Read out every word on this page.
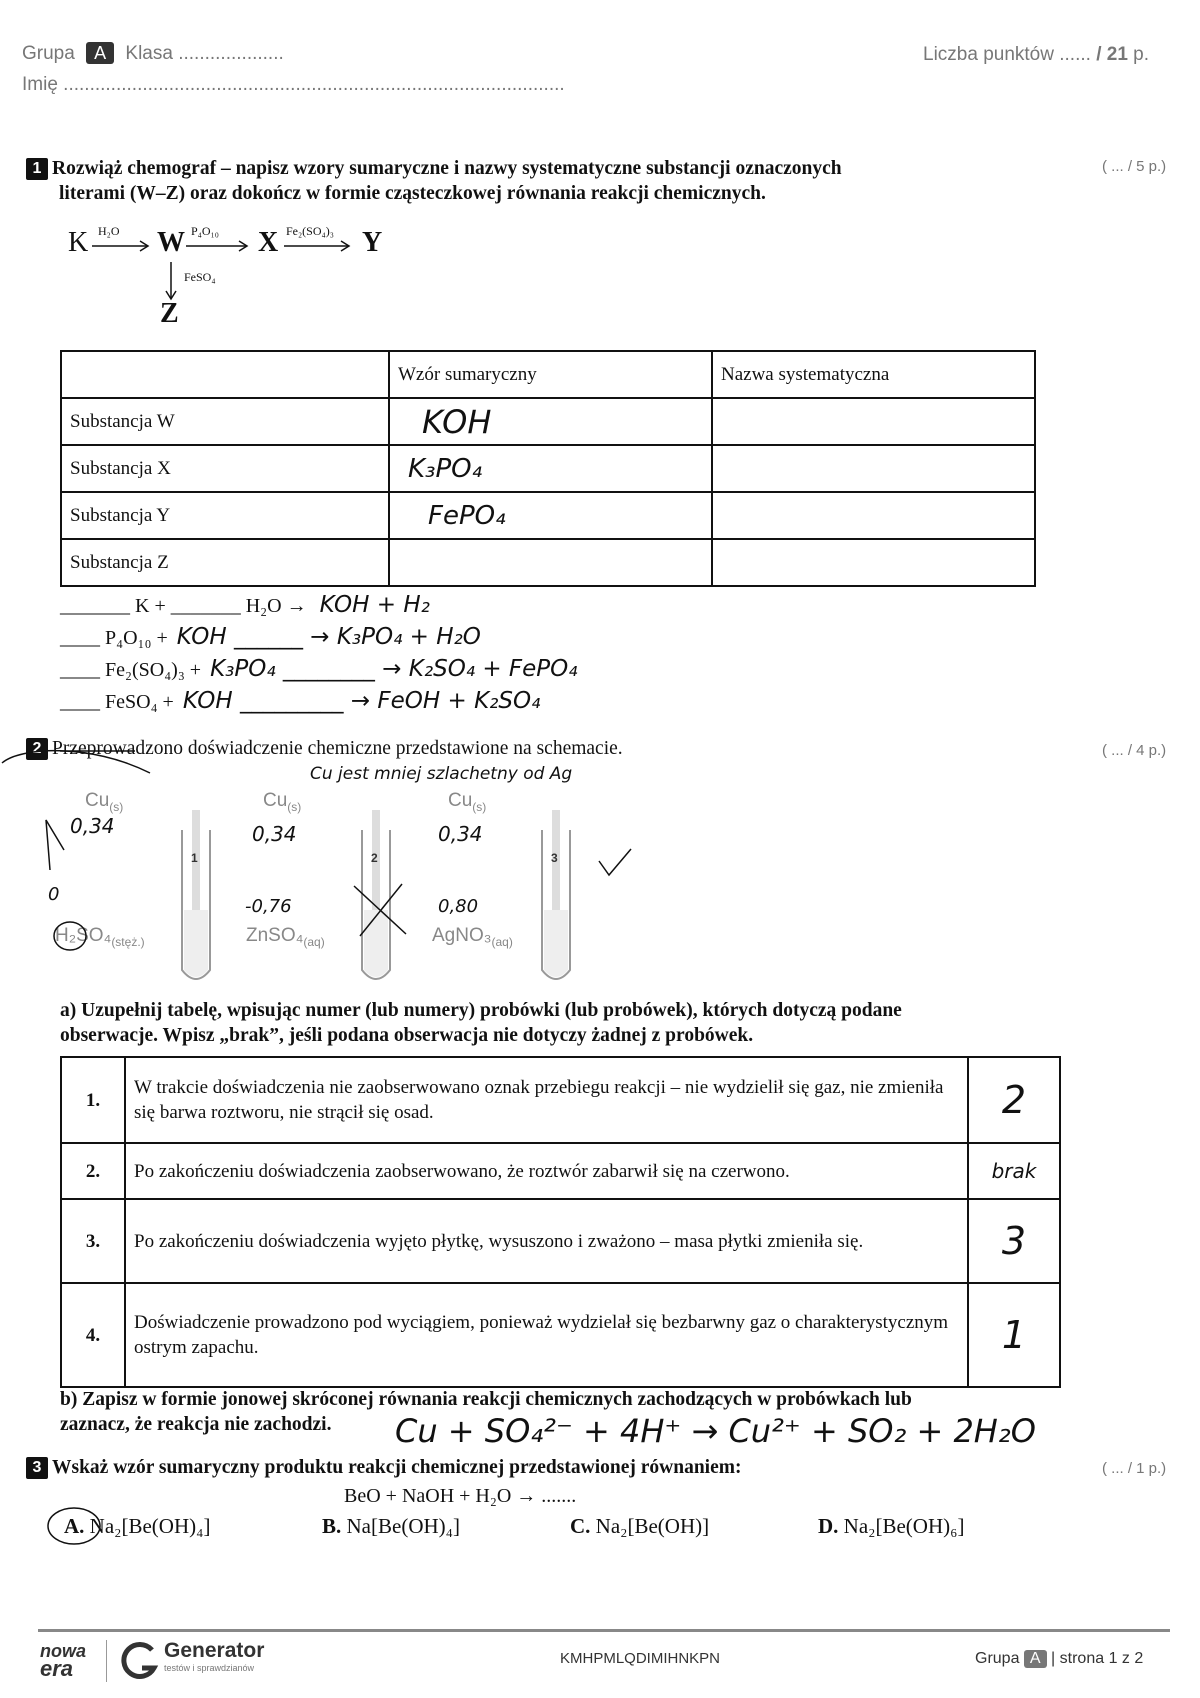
Grupa A Klasa ....................
Imię ...............................................................................................
Liczba punktów ...... / 21 p.
1 Rozwiąż chemograf – napisz wzory sumaryczne i nazwy systematyczne substancji oznaczonych
literami (W–Z) oraz dokończ w formie cząsteczkowej równania reakcji chemicznych.
( ... / 5 p.)
K H₂O W P₄O₁₀ X Fe₂(SO₄)₃ Y
FeSO₄
Z
	Wzór sumaryczny	Nazwa systematyczna
Substancja W	KOH	
Substancja X	K₃PO₄	
Substancja Y	FePO₄	
Substancja Z		
_______ K + _______ H₂O → KOH + H₂
____ P₄O₁₀ + KOH ______ → K₃PO₄ + H₂O
____ Fe₂(SO₄)₃ + K₃PO₄ ________ → K₂SO₄ + FePO₄
____ FeSO₄ + KOH _________ → FeOH + K₂SO₄
2 Przeprowadzono doświadczenie chemiczne przedstawione na schemacie.	( ... / 4 p.)
Cu jest mniej szlachetny od Ag
$Cu_{(s)}$
0,34
0
1
$H_2SO_4_{(stęż.)}$
$Cu_{(s)}$
0,34
-0,76
2
$ZnSO_4_{(aq)}$
$Cu_{(s)}$
0,34
0,80
3
$AgNO_3_{(aq)}$
a) Uzupełnij tabelę, wpisując numer (lub numery) probówki (lub probówek), których dotyczą podane
obserwacje. Wpisz „brak”, jeśli podana obserwacja nie dotyczy żadnej z probówek.
1.	W trakcie doświadczenia nie zaobserwowano oznak przebiegu reakcji – nie wydzielił się gaz, nie zmieniła się barwa roztworu, nie strącił się osad.	2
2.	Po zakończeniu doświadczenia zaobserwowano, że roztwór zabarwił się na czerwono.	brak
3.	Po zakończeniu doświadczenia wyjęto płytkę, wysuszono i zważono – masa płytki zmieniła się.	3
4.	Doświadczenie prowadzono pod wyciągiem, ponieważ wydzielał się bezbarwny gaz o charakterystycznym ostrym zapachu.	1
b) Zapisz w formie jonowej skróconej równania reakcji chemicznych zachodzących w probówkach lub
zaznacz, że reakcja nie zachodzi.	Cu + SO₄²⁻ + 4H⁺ → Cu²⁺ + SO₂ + 2H₂O
3 Wskaż wzór sumaryczny produktu reakcji chemicznej przedstawionej równaniem:	( ... / 1 p.)
BeO + NaOH + H₂O → .......
A. Na₂[Be(OH)₄]	B. Na[Be(OH)₄]	C. Na₂[Be(OH)]	D. Na₂[Be(OH)₆]
nowa
era
Generator
testów i sprawdzianów
KMHPMLQDIMIHNKPN	Grupa A | strona 1 z 2
